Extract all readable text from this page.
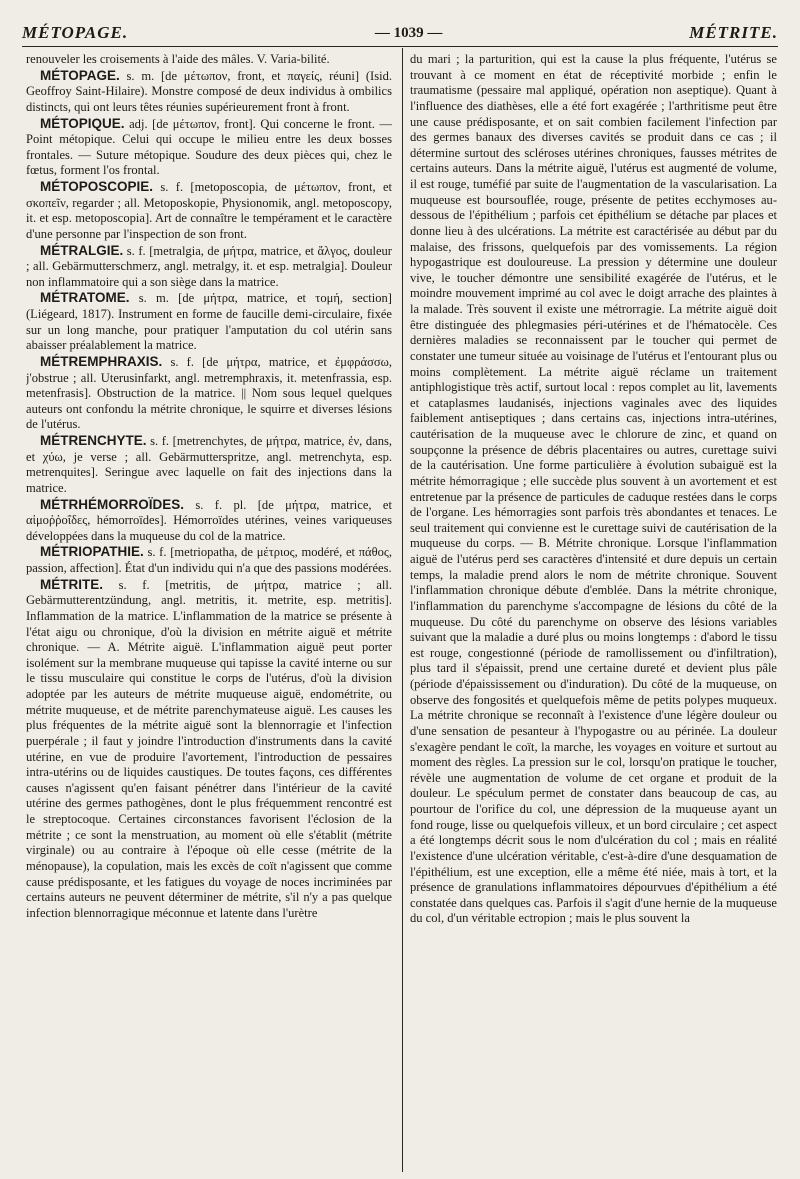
MÉTOPAGE.	— 1039 —	MÉTRITE.

renouveler les croisements à l'aide des mâles. V. Varia-bilité.

MÉTOPAGE. s. m. [de μέτωπον, front, et παγείς, réuni] (Isid. Geoffroy Saint-Hilaire). Monstre composé de deux individus à ombilics distincts, qui ont leurs têtes réunies supérieurement front à front.

MÉTOPIQUE. adj. [de μέτωπον, front]. Qui concerne le front. — Point métopique. Celui qui occupe le milieu entre les deux bosses frontales. — Suture métopique. Soudure des deux pièces qui, chez le fœtus, forment l'os frontal.

MÉTOPOSCOPIE. s. f. [metoposcopia, de μέτωπον, front, et σκοπεῖν, regarder ; all. Metoposkopie, Physionomik, angl. metoposcopy, it. et esp. metoposcopia]. Art de connaître le tempérament et le caractère d'une personne par l'inspection de son front.

MÉTRALGIE. s. f. [metralgia, de μήτρα, matrice, et ἄλγος, douleur ; all. Gebärmutterschmerz, angl. metralgy, it. et esp. metralgia]. Douleur non inflammatoire qui a son siège dans la matrice.

MÉTRATOME. s. m. [de μήτρα, matrice, et τομή, section] (Liégeard, 1817). Instrument en forme de faucille demi-circulaire, fixée sur un long manche, pour pratiquer l'amputation du col utérin sans abaisser préalablement la matrice.

MÉTREMPHRAXIS. s. f. [de μήτρα, matrice, et ἐμφράσσω, j'obstrue ; all. Uterusinfarkt, angl. metremphraxis, it. metenfrassia, esp. metenfrasis]. Obstruction de la matrice. || Nom sous lequel quelques auteurs ont confondu la métrite chronique, le squirre et diverses lésions de l'utérus.

MÉTRENCHYTE. s. f. [metrenchytes, de μήτρα, matrice, ἐν, dans, et χύω, je verse ; all. Gebärmutterspritze, angl. metrenchyta, esp. metrenquites]. Seringue avec laquelle on fait des injections dans la matrice.

MÉTRHÉMORROÏDES. s. f. pl. [de μήτρα, matrice, et αἱμοῤῥοΐδες, hémorroïdes]. Hémorroïdes utérines, veines variqueuses développées dans la muqueuse du col de la matrice.

MÉTRIOPATHIE. s. f. [metriopatha, de μέτριος, modéré, et πάθος, passion, affection]. État d'un individu qui n'a que des passions modérées.

MÉTRITE. s. f. [metritis, de μήτρα, matrice ; all. Gebärmutterentzündung, angl. metritis, it. metrite, esp. metritis]. Inflammation de la matrice. L'inflammation de la matrice se présente à l'état aigu ou chronique, d'où la division en métrite aiguë et métrite chronique. — A. Métrite aiguë. L'inflammation aiguë peut porter isolément sur la membrane muqueuse qui tapisse la cavité interne ou sur le tissu musculaire qui constitue le corps de l'utérus, d'où la division adoptée par les auteurs de métrite muqueuse aiguë, endométrite, ou métrite muqueuse, et de métrite parenchymateuse aiguë. Les causes les plus fréquentes de la métrite aiguë sont la blennorragie et l'infection puerpérale ; il faut y joindre l'introduction d'instruments dans la cavité utérine, en vue de produire l'avortement, l'introduction de pessaires intra-utérins ou de liquides caustiques. De toutes façons, ces différentes causes n'agissent qu'en faisant pénétrer dans l'intérieur de la cavité utérine des germes pathogènes, dont le plus fréquemment rencontré est le streptocoque. Certaines circonstances favorisent l'éclosion de la métrite ; ce sont la menstruation, au moment où elle s'établit (métrite virginale) ou au contraire à l'époque où elle cesse (métrite de la ménopause), la copulation, mais les excès de coït n'agissent que comme cause prédisposante, et les fatigues du voyage de noces incriminées par certains auteurs ne peuvent déterminer de métrite, s'il n'y a pas quelque infection blennorragique méconnue et latente dans l'urètre

du mari ; la parturition, qui est la cause la plus fréquente, l'utérus se trouvant à ce moment en état de réceptivité morbide ; enfin le traumatisme (pessaire mal appliqué, opération non aseptique). Quant à l'influence des diathèses, elle a été fort exagérée ; l'arthritisme peut être une cause prédisposante, et on sait combien facilement l'infection par des germes banaux des diverses cavités se produit dans ce cas ; il détermine surtout des scléroses utérines chroniques, fausses métrites de certains auteurs. Dans la métrite aiguë, l'utérus est augmenté de volume, il est rouge, tuméfié par suite de l'augmentation de la vascularisation. La muqueuse est boursouflée, rouge, présente de petites ecchymoses au-dessous de l'épithélium ; parfois cet épithélium se détache par places et donne lieu à des ulcérations. La métrite est caractérisée au début par du malaise, des frissons, quelquefois par des vomissements. La région hypogastrique est douloureuse. La pression y détermine une douleur vive, le toucher démontre une sensibilité exagérée de l'utérus, et le moindre mouvement imprimé au col avec le doigt arrache des plaintes à la malade. Très souvent il existe une métrorragie. La métrite aiguë doit être distinguée des phlegmasies péri-utérines et de l'hématocèle. Ces dernières maladies se reconnaissent par le toucher qui permet de constater une tumeur située au voisinage de l'utérus et l'entourant plus ou moins complètement. La métrite aiguë réclame un traitement antiphlogistique très actif, surtout local : repos complet au lit, lavements et cataplasmes laudanisés, injections vaginales avec des liquides faiblement antiseptiques ; dans certains cas, injections intra-utérines, cautérisation de la muqueuse avec le chlorure de zinc, et quand on soupçonne la présence de débris placentaires ou autres, curettage suivi de la cautérisation. Une forme particulière à évolution subaiguë est la métrite hémorragique ; elle succède plus souvent à un avortement et est entretenue par la présence de particules de caduque restées dans le corps de l'organe. Les hémorragies sont parfois très abondantes et tenaces. Le seul traitement qui convienne est le curettage suivi de cautérisation de la muqueuse du corps. — B. Métrite chronique. Lorsque l'inflammation aiguë de l'utérus perd ses caractères d'intensité et dure depuis un certain temps, la maladie prend alors le nom de métrite chronique. Souvent l'inflammation chronique débute d'emblée. Dans la métrite chronique, l'inflammation du parenchyme s'accompagne de lésions du côté de la muqueuse. Du côté du parenchyme on observe des lésions variables suivant que la maladie a duré plus ou moins longtemps : d'abord le tissu est rouge, congestionné (période de ramollissement ou d'infiltration), plus tard il s'épaissit, prend une certaine dureté et devient plus pâle (période d'épaississement ou d'induration). Du côté de la muqueuse, on observe des fongosités et quelquefois même de petits polypes muqueux. La métrite chronique se reconnaît à l'existence d'une légère douleur ou d'une sensation de pesanteur à l'hypogastre ou au périnée. La douleur s'exagère pendant le coït, la marche, les voyages en voiture et surtout au moment des règles. La pression sur le col, lorsqu'on pratique le toucher, révèle une augmentation de volume de cet organe et produit de la douleur. Le spéculum permet de constater dans beaucoup de cas, au pourtour de l'orifice du col, une dépression de la muqueuse ayant un fond rouge, lisse ou quelquefois villeux, et un bord circulaire ; cet aspect a été longtemps décrit sous le nom d'ulcération du col ; mais en réalité l'existence d'une ulcération véritable, c'est-à-dire d'une desquamation de l'épithélium, est une exception, elle a même été niée, mais à tort, et la présence de granulations inflammatoires dépourvues d'épithélium a été constatée dans quelques cas. Parfois il s'agit d'une hernie de la muqueuse du col, d'un véritable ectropion ; mais le plus souvent la
